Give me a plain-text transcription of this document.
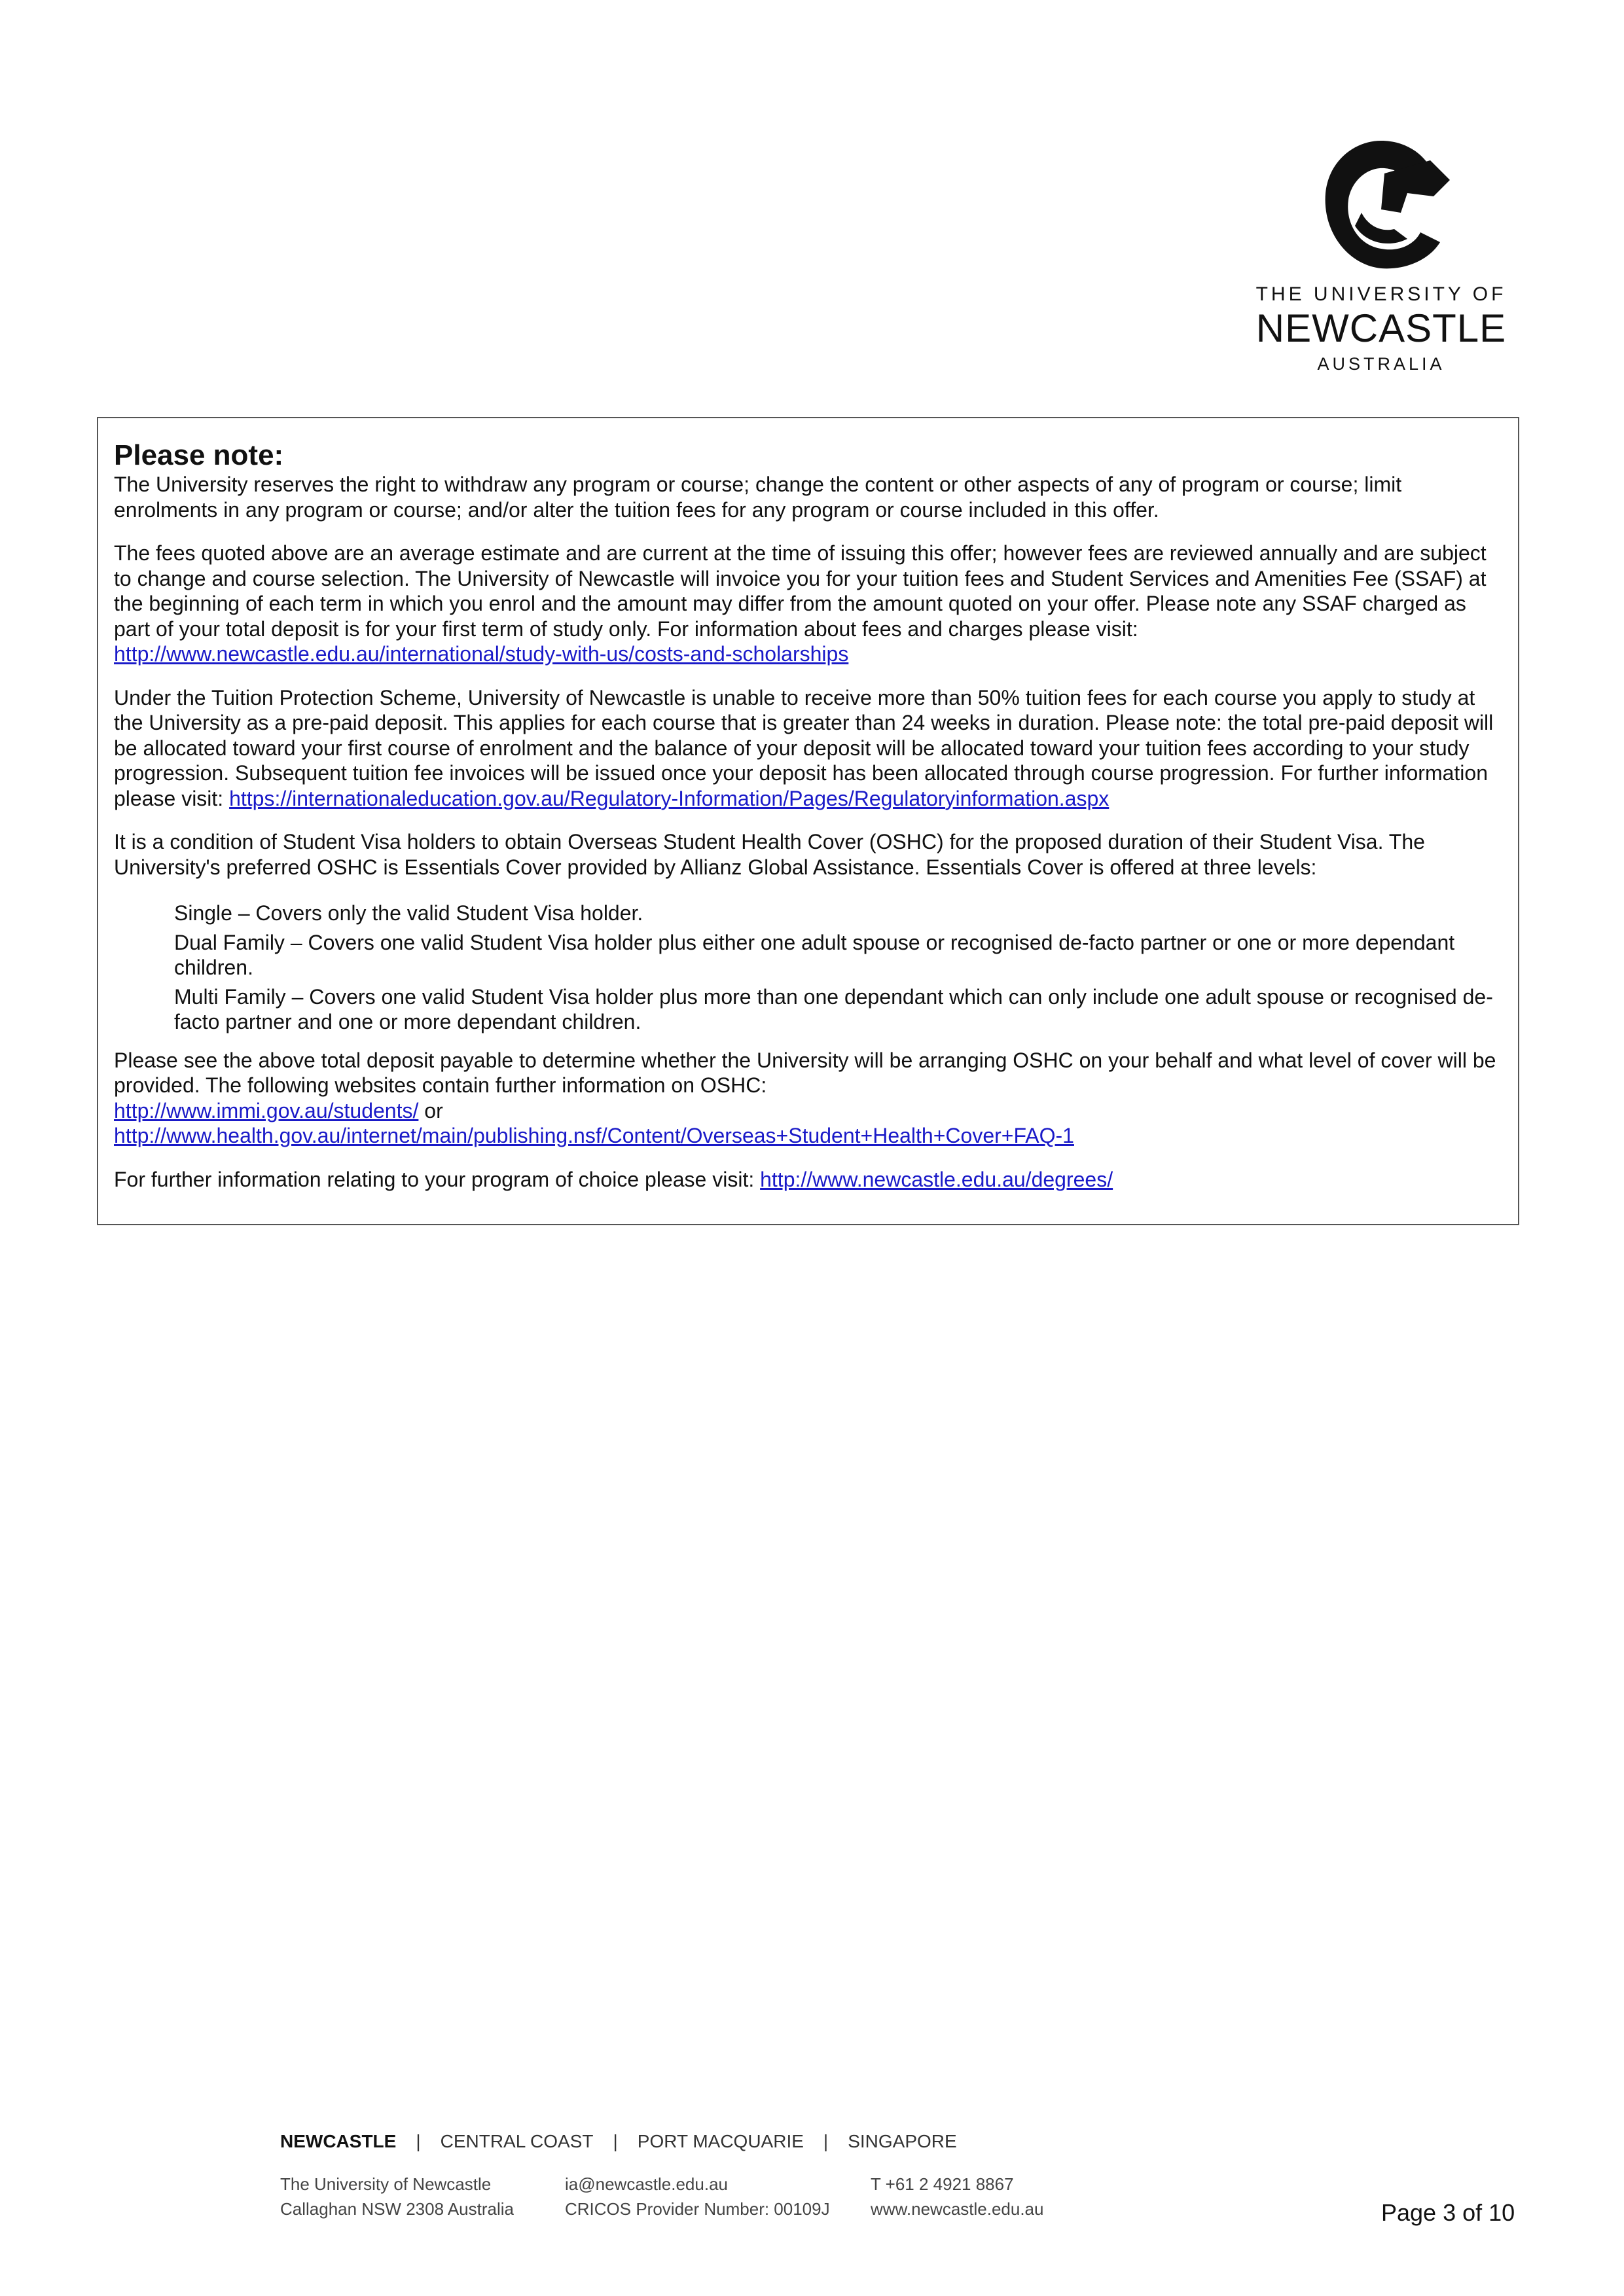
THE UNIVERSITY OF
NEWCASTLE
AUSTRALIA
Please note:

The University reserves the right to withdraw any program or course; change the content or other aspects of any of program or course; limit enrolments in any program or course; and/or alter the tuition fees for any program or course included in this offer.

The fees quoted above are an average estimate and are current at the time of issuing this offer; however fees are reviewed annually and are subject to change and course selection. The University of Newcastle will invoice you for your tuition fees and Student Services and Amenities Fee (SSAF) at the beginning of each term in which you enrol and the amount may differ from the amount quoted on your offer. Please note any SSAF charged as part of your total deposit is for your first term of study only. For information about fees and charges please visit:
http://www.newcastle.edu.au/international/study-with-us/costs-and-scholarships

Under the Tuition Protection Scheme, University of Newcastle is unable to receive more than 50% tuition fees for each course you apply to study at the University as a pre-paid deposit. This applies for each course that is greater than 24 weeks in duration. Please note: the total pre-paid deposit will be allocated toward your first course of enrolment and the balance of your deposit will be allocated toward your tuition fees according to your study progression. Subsequent tuition fee invoices will be issued once your deposit has been allocated through course progression. For further information please visit: https://internationaleducation.gov.au/Regulatory-Information/Pages/Regulatoryinformation.aspx

It is a condition of Student Visa holders to obtain Overseas Student Health Cover (OSHC) for the proposed duration of their Student Visa. The University's preferred OSHC is Essentials Cover provided by Allianz Global Assistance. Essentials Cover is offered at three levels:

Single – Covers only the valid Student Visa holder.
Dual Family – Covers one valid Student Visa holder plus either one adult spouse or recognised de-facto partner or one or more dependant children.
Multi Family – Covers one valid Student Visa holder plus more than one dependant which can only include one adult spouse or recognised de-facto partner and one or more dependant children.

Please see the above total deposit payable to determine whether the University will be arranging OSHC on your behalf and what level of cover will be provided. The following websites contain further information on OSHC:
http://www.immi.gov.au/students/ or
http://www.health.gov.au/internet/main/publishing.nsf/Content/Overseas+Student+Health+Cover+FAQ-1

For further information relating to your program of choice please visit: http://www.newcastle.edu.au/degrees/

NEWCASTLE | CENTRAL COAST | PORT MACQUARIE | SINGAPORE
The University of Newcastle
Callaghan NSW 2308 Australia
ia@newcastle.edu.au
CRICOS Provider Number: 00109J
T +61 2 4921 8867
www.newcastle.edu.au	Page 3 of 10
